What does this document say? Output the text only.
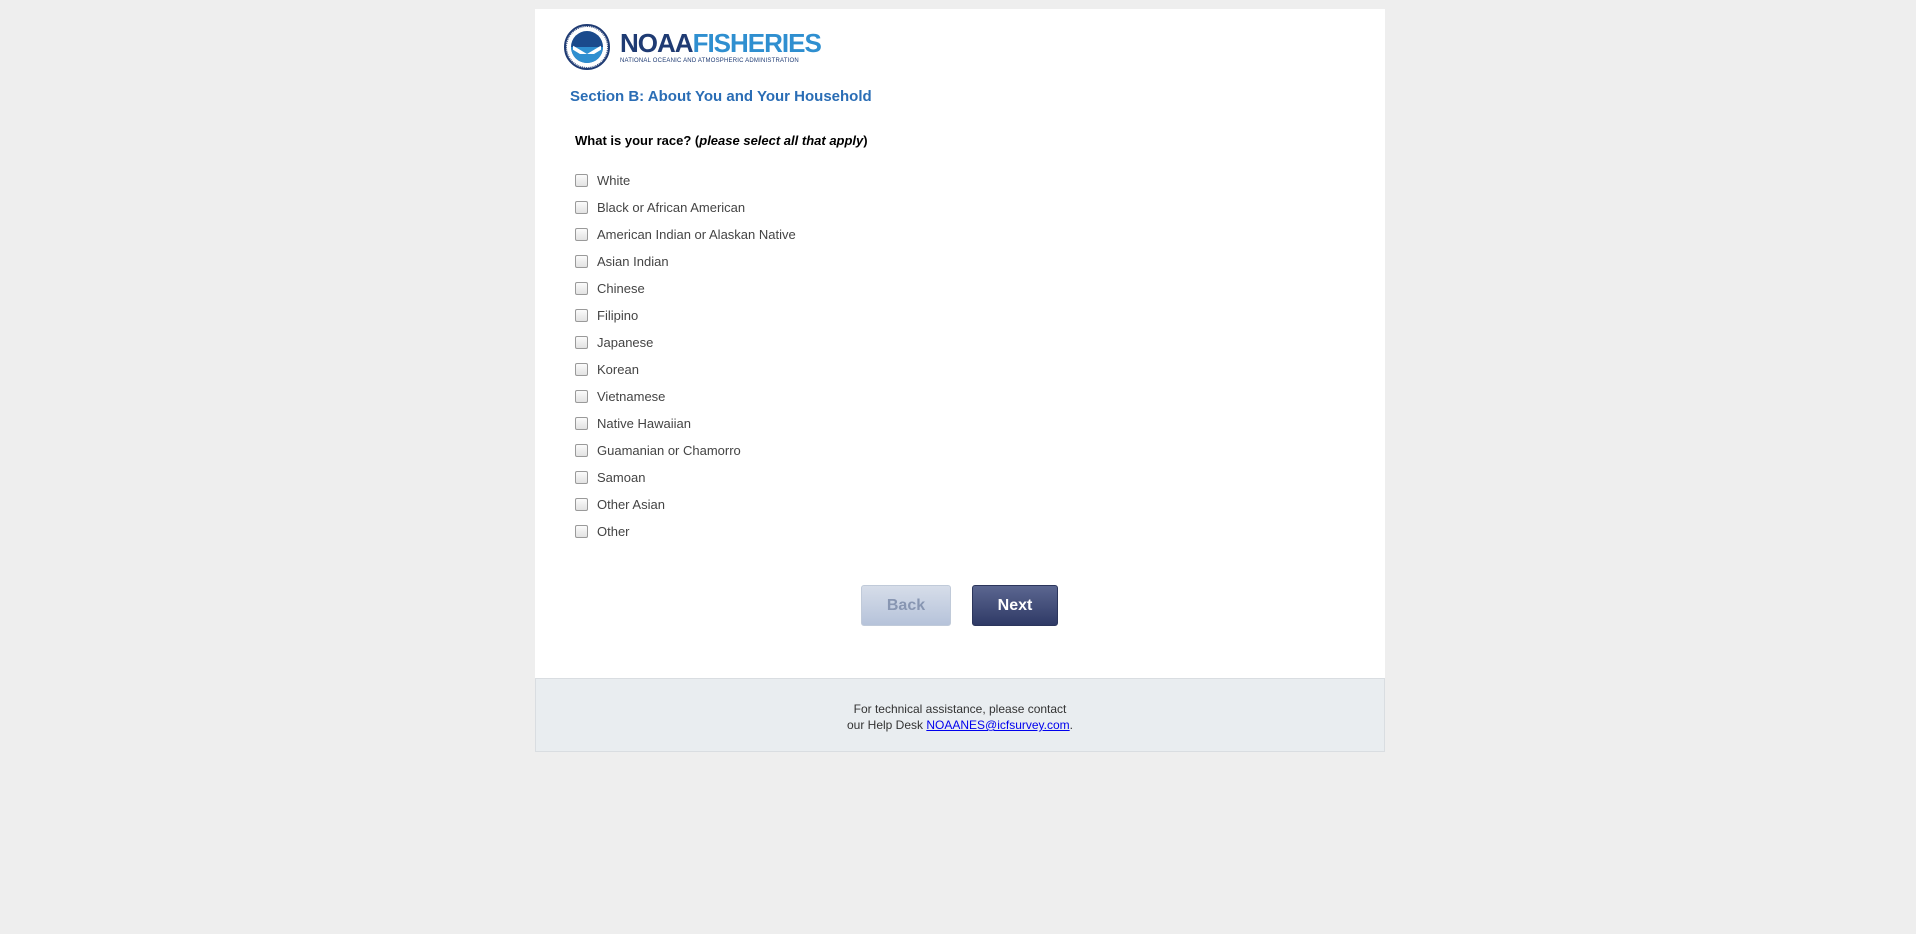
NOAAFISHERIES
NATIONAL OCEANIC AND ATMOSPHERIC ADMINISTRATION
Section B: About You and Your Household
What is your race? (please select all that apply)
White
Black or African American
American Indian or Alaskan Native
Asian Indian
Chinese
Filipino
Japanese
Korean
Vietnamese
Native Hawaiian
Guamanian or Chamorro
Samoan
Other Asian
Other
Back	Next
For technical assistance, please contact
our Help Desk NOAANES@icfsurvey.com.
